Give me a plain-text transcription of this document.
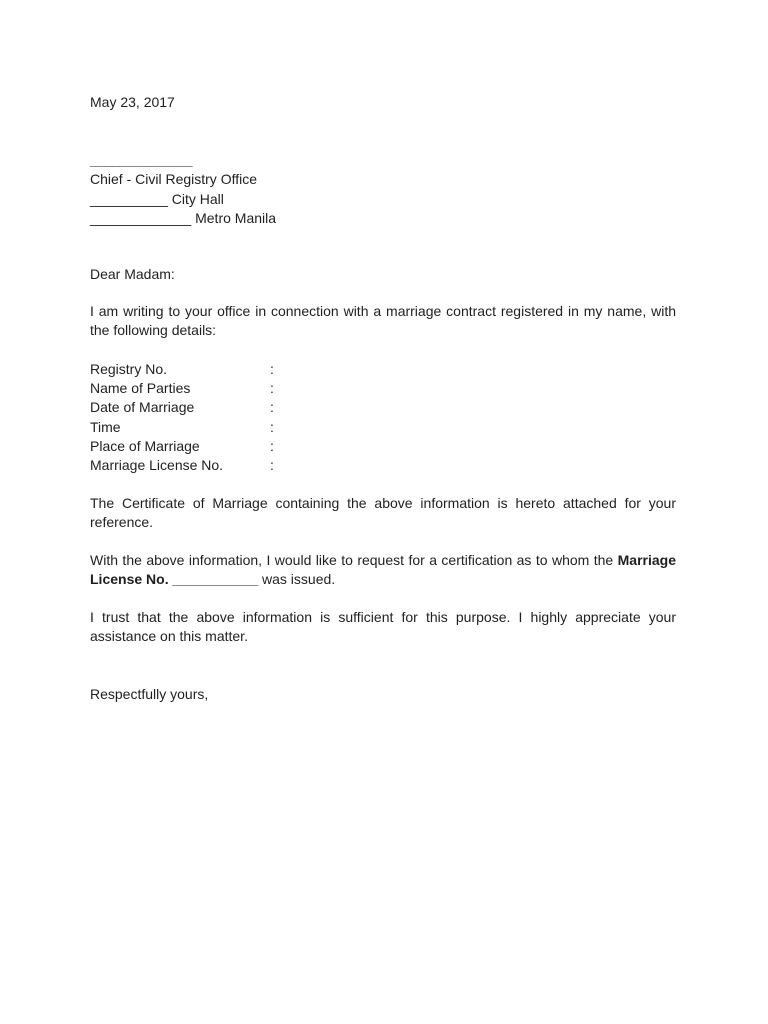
May 23, 2017
______________
Chief - Civil Registry Office
__________ City Hall
_____________ Metro Manila
Dear Madam:
I am writing to your office in connection with a marriage contract registered in my name, with the following details:
Registry No.	:
Name of Parties	:
Date of Marriage	:
Time	:
Place of Marriage	:
Marriage License No.	:
The Certificate of Marriage containing the above information is hereto attached for your reference.
With the above information, I would like to request for a certification as to whom the Marriage License No. ___________ was issued.
I trust that the above information is sufficient for this purpose. I highly appreciate your assistance on this matter.
Respectfully yours,
